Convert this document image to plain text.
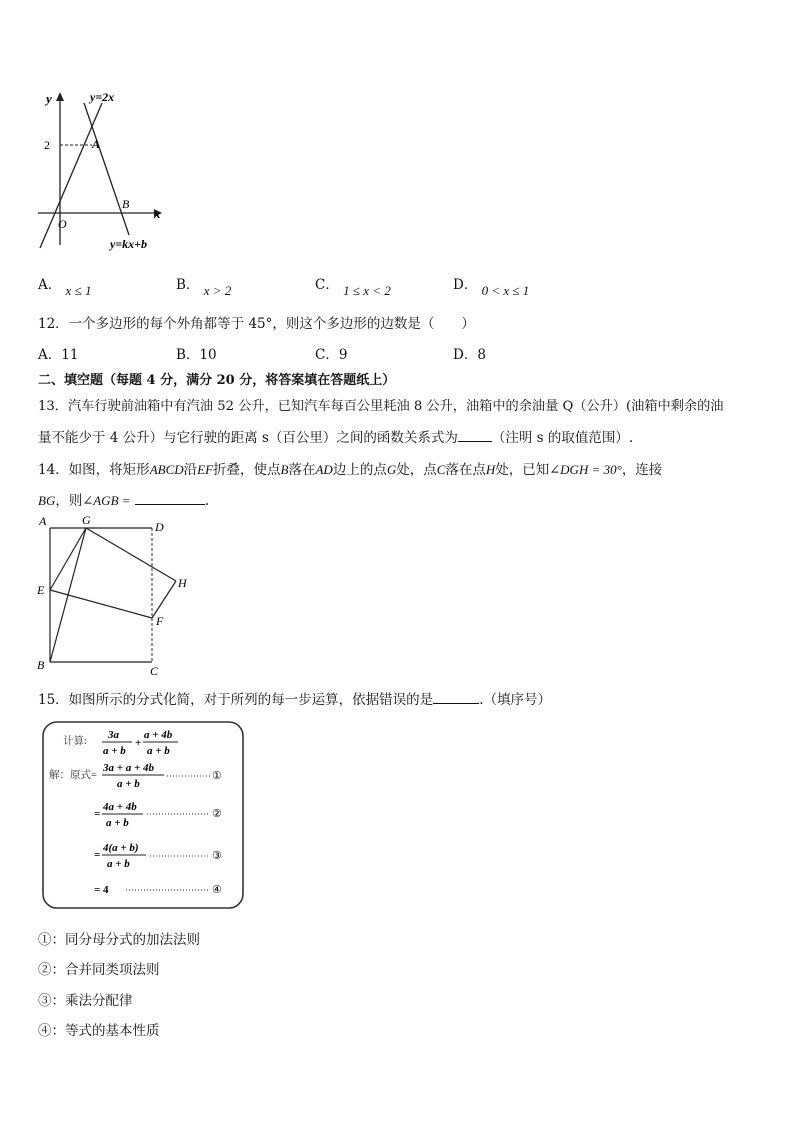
y
x
O
y=2x
y=kx+b
2	A
B
A． x ≤ 1	B． x > 2	C． 1 ≤ x < 2	D． 0 < x ≤ 1
12．一个多边形的每个外角都等于 45°，则这个多边形的边数是（　　）
A．11	B．10	C．9	D．8
二、填空题（每题 4 分，满分 20 分，将答案填在答题纸上）
13．汽车行驶前油箱中有汽油 52 公升，已知汽车每百公里耗油 8 公升，油箱中的余油量 Q（公升）(油箱中剩余的油
量不能少于 4 公升）与它行驶的距离 s（百公里）之间的函数关系式为	（注明 s 的取值范围）.
14．如图，将矩形ABCD沿EF折叠，使点B落在AD边上的点G处，点C落在点H处，已知∠DGH = 30°，连接
BG，则∠AGB =	.
A	G	D
E	H
F
B	C
15．如图所示的分式化简，对于所列的每一步运算，依据错误的是	.（填序号）
计算:
3a
a + b
+
a + 4b
a + b
解：原式=
3a + a + 4b
a + b
①
=
4a + 4b
a + b
②
=
4(a + b)
a + b
③
= 4	④
①：同分母分式的加法法则
②：合并同类项法则
③：乘法分配律
④：等式的基本性质
